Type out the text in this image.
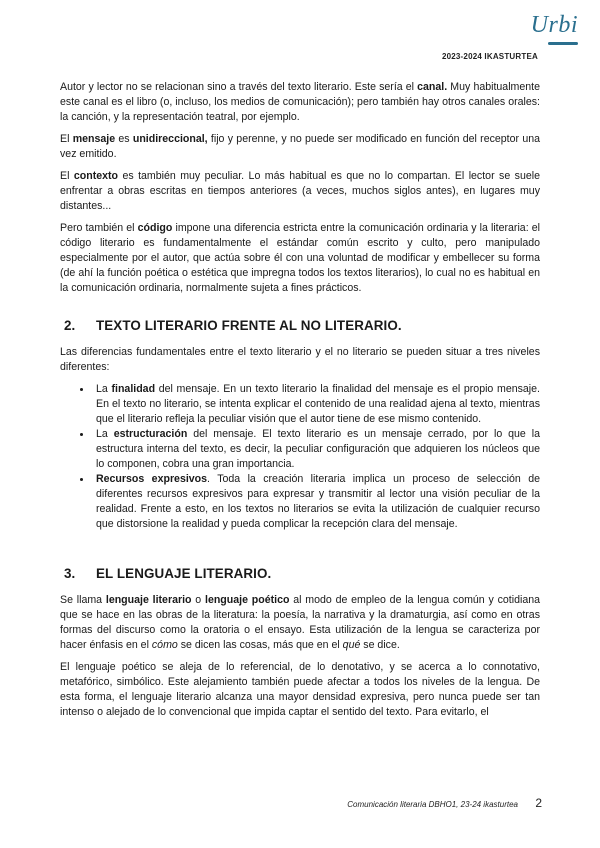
Urbi
2023-2024 IKASTURTEA

Autor y lector no se relacionan sino a través del texto literario. Este sería el canal. Muy habitualmente este canal es el libro (o, incluso, los medios de comunicación); pero también hay otros canales orales: la canción, y la representación teatral, por ejemplo.

El mensaje es unidireccional, fijo y perenne, y no puede ser modificado en función del receptor una vez emitido.

El contexto es también muy peculiar. Lo más habitual es que no lo compartan. El lector se suele enfrentar a obras escritas en tiempos anteriores (a veces, muchos siglos antes), en lugares muy distantes...

Pero también el código impone una diferencia estricta entre la comunicación ordinaria y la literaria: el código literario es fundamentalmente el estándar común escrito y culto, pero manipulado especialmente por el autor, que actúa sobre él con una voluntad de modificar y embellecer su forma (de ahí la función poética o estética que impregna todos los textos literarios), lo cual no es habitual en la comunicación ordinaria, normalmente sujeta a fines prácticos.

2. TEXTO LITERARIO FRENTE AL NO LITERARIO.

Las diferencias fundamentales entre el texto literario y el no literario se pueden situar a tres niveles diferentes:

• La finalidad del mensaje. En un texto literario la finalidad del mensaje es el propio mensaje. En el texto no literario, se intenta explicar el contenido de una realidad ajena al texto, mientras que el literario refleja la peculiar visión que el autor tiene de ese mismo contenido.
• La estructuración del mensaje. El texto literario es un mensaje cerrado, por lo que la estructura interna del texto, es decir, la peculiar configuración que adquieren los núcleos que lo componen, cobra una gran importancia.
• Recursos expresivos. Toda la creación literaria implica un proceso de selección de diferentes recursos expresivos para expresar y transmitir al lector una visión peculiar de la realidad. Frente a esto, en los textos no literarios se evita la utilización de cualquier recurso que distorsione la realidad y pueda complicar la recepción clara del mensaje.
3. EL LENGUAJE LITERARIO.

Se llama lenguaje literario o lenguaje poético al modo de empleo de la lengua común y cotidiana que se hace en las obras de la literatura: la poesía, la narrativa y la dramaturgia, así como en otras formas del discurso como la oratoria o el ensayo. Esta utilización de la lengua se caracteriza por hacer énfasis en el cómo se dicen las cosas, más que en el qué se dice.

El lenguaje poético se aleja de lo referencial, de lo denotativo, y se acerca a lo connotativo, metafórico, simbólico. Este alejamiento también puede afectar a todos los niveles de la lengua. De esta forma, el lenguaje literario alcanza una mayor densidad expresiva, pero nunca puede ser tan intenso o alejado de lo convencional que impida captar el sentido del texto. Para evitarlo, el

Comunicación literaria DBHO1, 23-24 ikasturtea 2
